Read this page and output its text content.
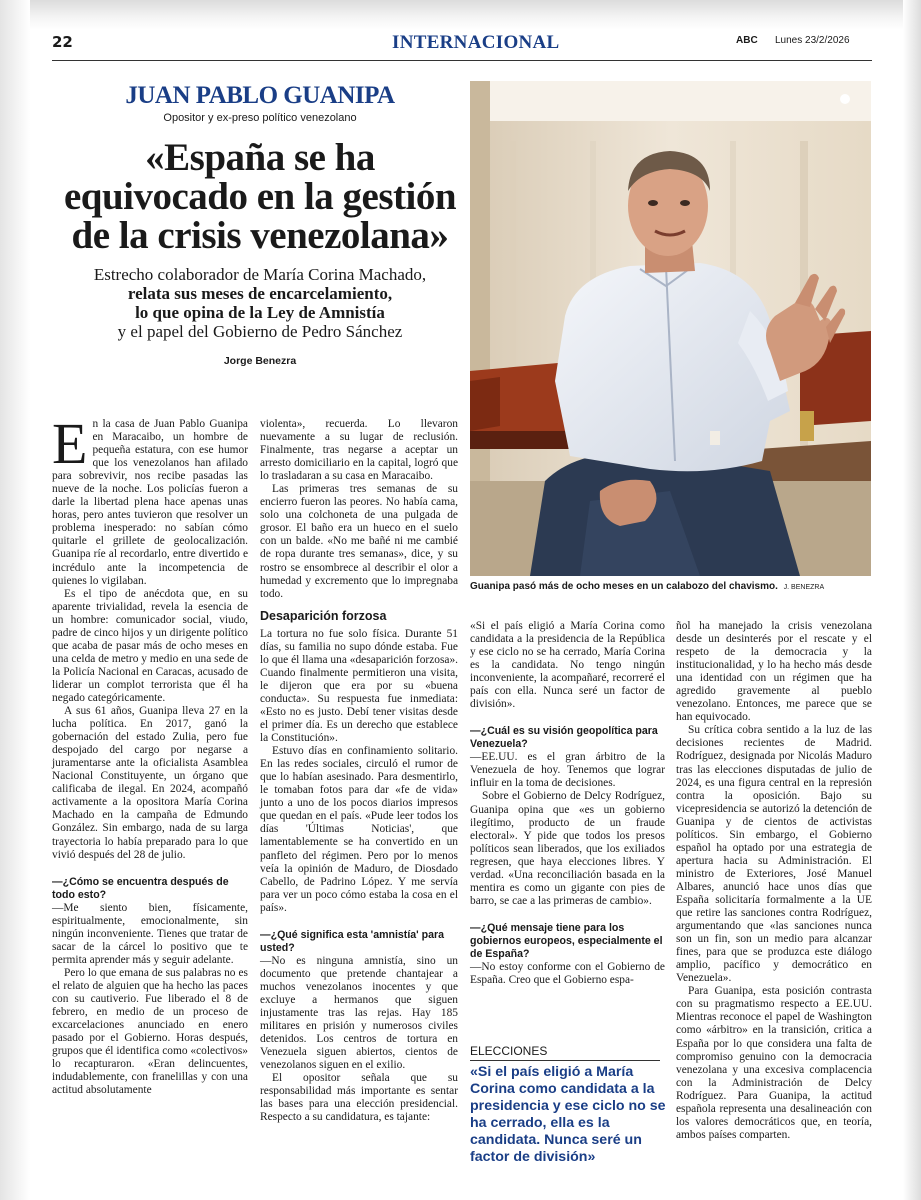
22	INTERNACIONAL	ABC Lunes 23/2/2026
JUAN PABLO GUANIPA
Opositor y ex-preso político venezolano
«España se ha
equivocado en la gestión
de la crisis venezolana»
Estrecho colaborador de María Corina Machado,
relata sus meses de encarcelamiento,
lo que opina de la Ley de Amnistía
y el papel del Gobierno de Pedro Sánchez
Jorge Benezra
Guanipa pasó más de ocho meses en un calabozo del chavismo. J. BENEZRA

En la casa de Juan Pablo Guanipa en Maracaibo, un hombre de pequeña estatura, con ese humor que los venezolanos han afilado para sobrevivir, nos recibe pasadas las nueve de la noche. Los policías fueron a darle la libertad plena hace apenas unas horas, pero antes tuvieron que resolver un problema inesperado: no sabían cómo quitarle el grillete de geolocalización. Guanipa ríe al recordarlo, entre divertido e incrédulo ante la incompetencia de quienes lo vigilaban.

Es el tipo de anécdota que, en su aparente trivialidad, revela la esencia de un hombre: comunicador social, viudo, padre de cinco hijos y un dirigente político que acaba de pasar más de ocho meses en una celda de metro y medio en una sede de la Policía Nacional en Caracas, acusado de liderar un complot terrorista que él ha negado categóricamente.

A sus 61 años, Guanipa lleva 27 en la lucha política. En 2017, ganó la gobernación del estado Zulia, pero fue despojado del cargo por negarse a juramentarse ante la oficialista Asamblea Nacional Constituyente, un órgano que calificaba de ilegal. En 2024, acompañó activamente a la opositora María Corina Machado en la campaña de Edmundo González. Sin embargo, nada de su larga trayectoria lo había preparado para lo que vivió después del 28 de julio.

—¿Cómo se encuentra después de todo esto?

—Me siento bien, físicamente, espiritualmente, emocionalmente, sin ningún inconveniente. Tienes que tratar de sacar de la cárcel lo positivo que te permita aprender más y seguir adelante.

Pero lo que emana de sus palabras no es el relato de alguien que ha hecho las paces con su cautiverio. Fue liberado el 8 de febrero, en medio de un proceso de excarcelaciones anunciado en enero pasado por el Gobierno. Horas después, grupos que él identifica como «colectivos» lo recapturaron. «Eran delincuentes, indudablemente, con franelillas y con una actitud absolutamente

violenta», recuerda. Lo llevaron nuevamente a su lugar de reclusión. Finalmente, tras negarse a aceptar un arresto domiciliario en la capital, logró que lo trasladaran a su casa en Maracaibo.

Las primeras tres semanas de su encierro fueron las peores. No había cama, solo una colchoneta de una pulgada de grosor. El baño era un hueco en el suelo con un balde. «No me bañé ni me cambié de ropa durante tres semanas», dice, y su rostro se ensombrece al describir el olor a humedad y excremento que lo impregnaba todo.

Desaparición forzosa

La tortura no fue solo física. Durante 51 días, su familia no supo dónde estaba. Fue lo que él llama una «desaparición forzosa». Cuando finalmente permitieron una visita, le dijeron que era por su «buena conducta». Su respuesta fue inmediata: «Esto no es justo. Debí tener visitas desde el primer día. Es un derecho que establece la Constitución».

Estuvo días en confinamiento solitario. En las redes sociales, circuló el rumor de que lo habían asesinado. Para desmentirlo, le tomaban fotos para dar «fe de vida» junto a uno de los pocos diarios impresos que quedan en el país. «Pude leer todos los días 'Últimas Noticias', que lamentablemente se ha convertido en un panfleto del régimen. Pero por lo menos veía la opinión de Maduro, de Diosdado Cabello, de Padrino López. Y me servía para ver un poco cómo estaba la cosa en el país».

—¿Qué significa esta 'amnistía' para usted?

—No es ninguna amnistía, sino un documento que pretende chantajear a muchos venezolanos inocentes y que excluye a hermanos que siguen injustamente tras las rejas. Hay 185 militares en prisión y numerosos civiles detenidos. Los centros de tortura en Venezuela siguen abiertos, cientos de venezolanos siguen en el exilio.

El opositor señala que su responsabilidad más importante es sentar las bases para una elección presidencial. Respecto a su candidatura, es tajante:

«Si el país eligió a María Corina como candidata a la presidencia de la República y ese ciclo no se ha cerrado, María Corina es la candidata. No tengo ningún inconveniente, la acompañaré, recorreré el país con ella. Nunca seré un factor de división».

—¿Cuál es su visión geopolítica para Venezuela?

—EE.UU. es el gran árbitro de la Venezuela de hoy. Tenemos que lograr influir en la toma de decisiones.

Sobre el Gobierno de Delcy Rodríguez, Guanipa opina que «es un gobierno ilegítimo, producto de un fraude electoral». Y pide que todos los presos políticos sean liberados, que los exiliados regresen, que haya elecciones libres. Y verdad. «Una reconciliación basada en la mentira es como un gigante con pies de barro, se cae a las primeras de cambio».

—¿Qué mensaje tiene para los gobiernos europeos, especialmente el de España?

—No estoy conforme con el Gobierno de España. Creo que el Gobierno espa-

ELECCIONES
«Si el país eligió a María Corina como candidata a la presidencia y ese ciclo no se ha cerrado, ella es la candidata. Nunca seré un factor de división»

ñol ha manejado la crisis venezolana desde un desinterés por el rescate y el respeto de la democracia y la institucionalidad, y lo ha hecho más desde una identidad con un régimen que ha agredido gravemente al pueblo venezolano. Entonces, me parece que se han equivocado.

Su crítica cobra sentido a la luz de las decisiones recientes de Madrid. Rodríguez, designada por Nicolás Maduro tras las elecciones disputadas de julio de 2024, es una figura central en la represión contra la oposición. Bajo su vicepresidencia se autorizó la detención de Guanipa y de cientos de activistas políticos. Sin embargo, el Gobierno español ha optado por una estrategia de apertura hacia su Administración. El ministro de Exteriores, José Manuel Albares, anunció hace unos días que España solicitaría formalmente a la UE que retire las sanciones contra Rodríguez, argumentando que «las sanciones nunca son un fin, son un medio para alcanzar fines, para que se produzca este diálogo amplio, pacífico y democrático en Venezuela».

Para Guanipa, esta posición contrasta con su pragmatismo respecto a EE.UU. Mientras reconoce el papel de Washington como «árbitro» en la transición, critica a España por lo que considera una falta de compromiso genuino con la democracia venezolana y una excesiva complacencia con la Administración de Delcy Rodríguez. Para Guanipa, la actitud española representa una desalineación con los valores democráticos que, en teoría, ambos países comparten.
